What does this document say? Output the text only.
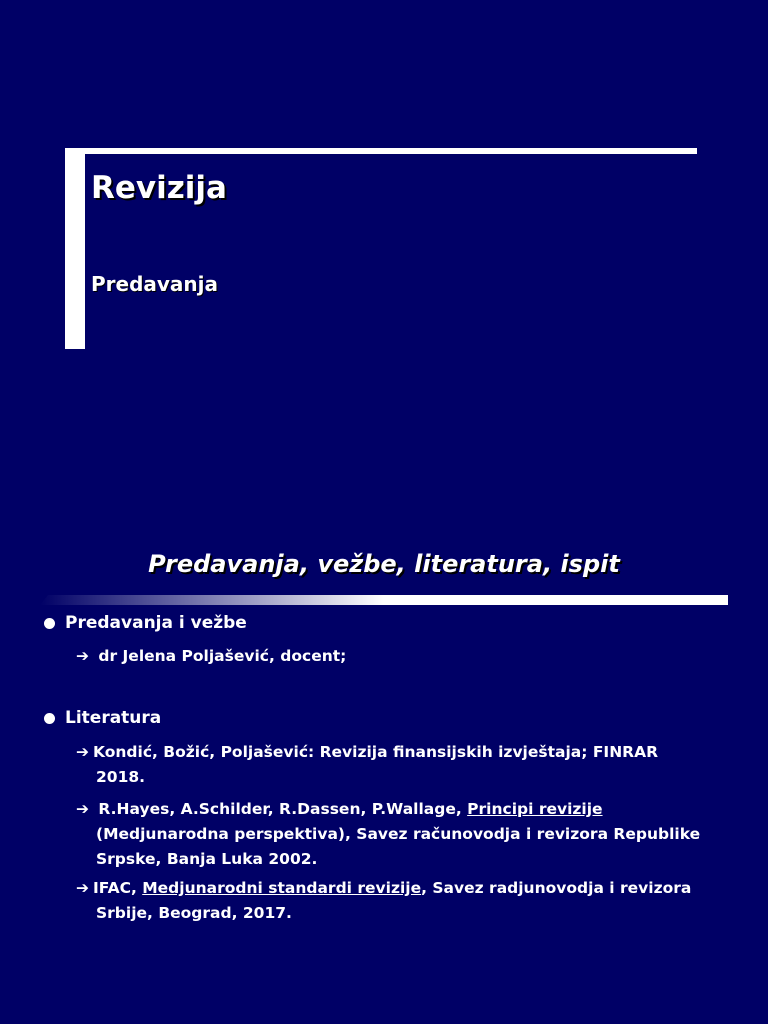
Revizija
Predavanja
Predavanja, vežbe, literatura, ispit
Predavanja i vežbe
➔ dr Jelena Poljašević, docent;
Literatura
➔ Kondić, Božić, Poljašević: Revizija finansijskih izvještaja; FINRAR
2018.
➔ R.Hayes, A.Schilder, R.Dassen, P.Wallage, Principi revizije
(Medjunarodna perspektiva), Savez računovodja i revizora Republike
Srpske, Banja Luka 2002.
➔ IFAC, Medjunarodni standardi revizije, Savez radjunovodja i revizora
Srbije, Beograd, 2017.
